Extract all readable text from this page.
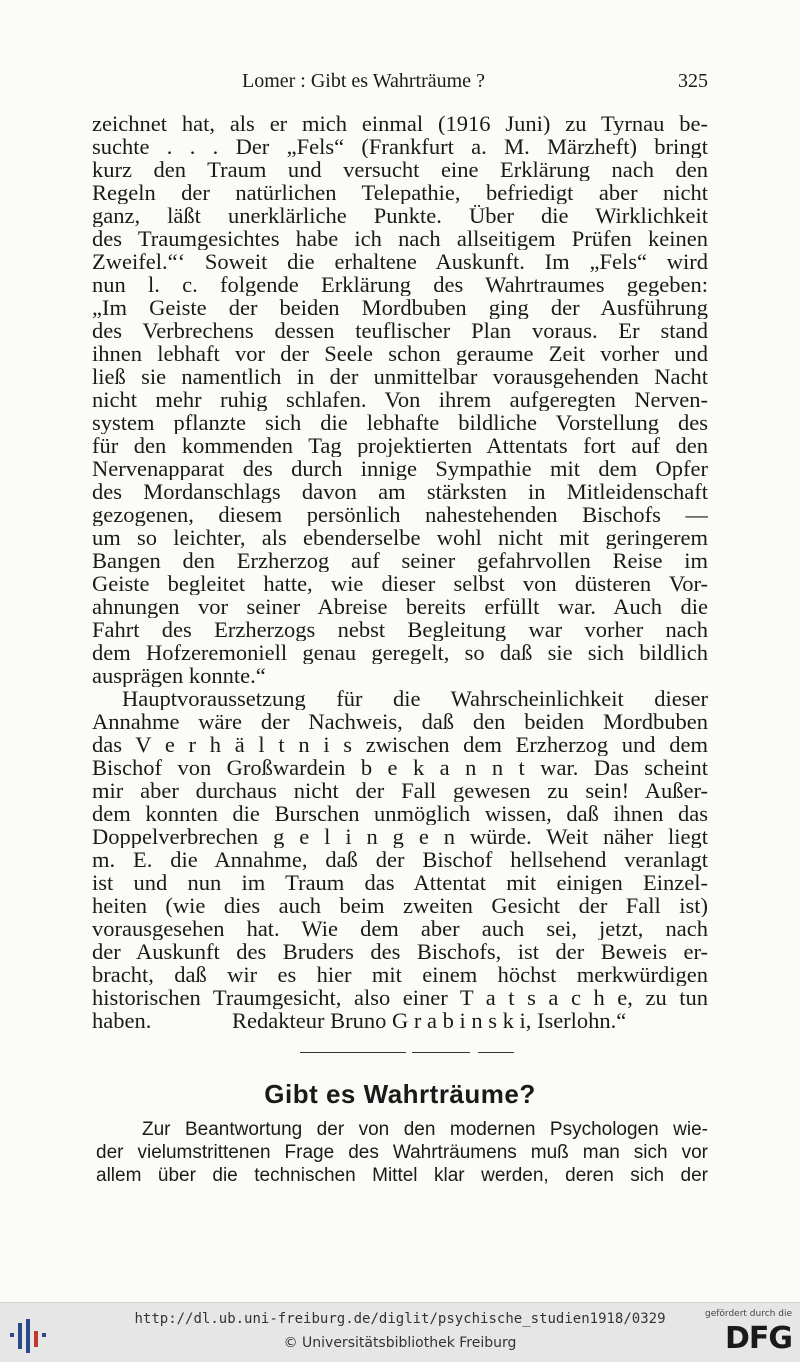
Lomer : Gibt es Wahrträume ?	325
zeichnet hat, als er mich einmal (1916 Juni) zu Tyrnau be-
suchte . . . Der „Fels“ (Frankfurt a. M. Märzheft) bringt
kurz den Traum und versucht eine Erklärung nach den
Regeln der natürlichen Telepathie, befriedigt aber nicht
ganz, läßt unerklärliche Punkte. Über die Wirklichkeit
des Traumgesichtes habe ich nach allseitigem Prüfen keinen
Zweifel.“‘ Soweit die erhaltene Auskunft. Im „Fels“ wird
nun l. c. folgende Erklärung des Wahrtraumes gegeben:
„Im Geiste der beiden Mordbuben ging der Ausführung
des Verbrechens dessen teuflischer Plan voraus. Er stand
ihnen lebhaft vor der Seele schon geraume Zeit vorher und
ließ sie namentlich in der unmittelbar vorausgehenden Nacht
nicht mehr ruhig schlafen. Von ihrem aufgeregten Nerven-
system pflanzte sich die lebhafte bildliche Vorstellung des
für den kommenden Tag projektierten Attentats fort auf den
Nervenapparat des durch innige Sympathie mit dem Opfer
des Mordanschlags davon am stärksten in Mitleidenschaft
gezogenen, diesem persönlich nahestehenden Bischofs —
um so leichter, als ebenderselbe wohl nicht mit geringerem
Bangen den Erzherzog auf seiner gefahrvollen Reise im
Geiste begleitet hatte, wie dieser selbst von düsteren Vor-
ahnungen vor seiner Abreise bereits erfüllt war. Auch die
Fahrt des Erzherzogs nebst Begleitung war vorher nach
dem Hofzeremoniell genau geregelt, so daß sie sich bildlich
ausprägen konnte.“
Hauptvoraussetzung für die Wahrscheinlichkeit dieser
Annahme wäre der Nachweis, daß den beiden Mordbuben
das V e r h ä l t n i s zwischen dem Erzherzog und dem
Bischof von Großwardein b e k a n n t war. Das scheint
mir aber durchaus nicht der Fall gewesen zu sein! Außer-
dem konnten die Burschen unmöglich wissen, daß ihnen das
Doppelverbrechen g e l i n g e n würde. Weit näher liegt
m. E. die Annahme, daß der Bischof hellsehend veranlagt
ist und nun im Traum das Attentat mit einigen Einzel-
heiten (wie dies auch beim zweiten Gesicht der Fall ist)
vorausgesehen hat. Wie dem aber auch sei, jetzt, nach
der Auskunft des Bruders des Bischofs, ist der Beweis er-
bracht, daß wir es hier mit einem höchst merkwürdigen
historischen Traumgesicht, also einer T a t s a c h e, zu tun
haben.	Redakteur Bruno G r a b i n s k i, Iserlohn.“
Gibt es Wahrträume?
Zur Beantwortung der von den modernen Psychologen wie-
der vielumstrittenen Frage des Wahrträumens muß man sich vor
allem über die technischen Mittel klar werden, deren sich der
http://dl.ub.uni-freiburg.de/diglit/psychische_studien1918/0329
© Universitätsbibliothek Freiburg
gefördert durch die
DFG
